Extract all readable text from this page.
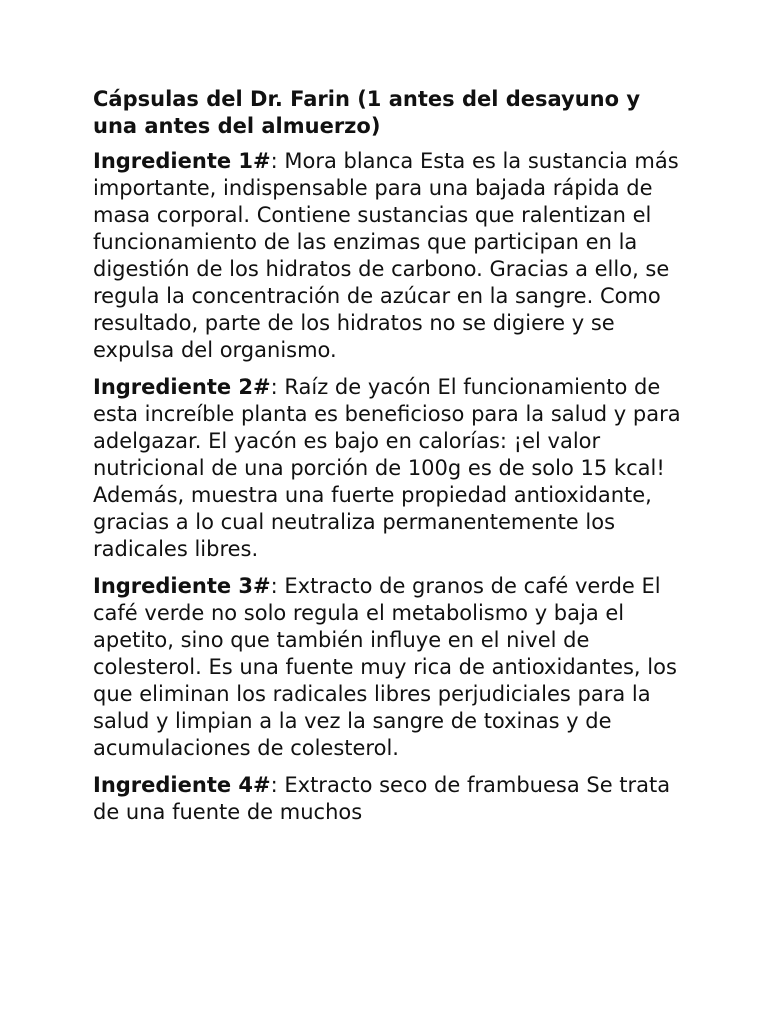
Cápsulas del Dr. Farin (1 antes del desayuno y una antes del almuerzo)

Ingrediente 1#: Mora blanca Esta es la sustancia más importante, indispensable para una bajada rápida de masa corporal. Contiene sustancias que ralentizan el funcionamiento de las enzimas que participan en la digestión de los hidratos de carbono. Gracias a ello, se regula la concentración de azúcar en la sangre. Como resultado, parte de los hidratos no se digiere y se expulsa del organismo.

Ingrediente 2#: Raíz de yacón El funcionamiento de esta increíble planta es beneficioso para la salud y para adelgazar. El yacón es bajo en calorías: ¡el valor nutricional de una porción de 100g es de solo 15 kcal! Además, muestra una fuerte propiedad antioxidante, gracias a lo cual neutraliza permanentemente los radicales libres.

Ingrediente 3#: Extracto de granos de café verde El café verde no solo regula el metabolismo y baja el apetito, sino que también influye en el nivel de colesterol. Es una fuente muy rica de antioxidantes, los que eliminan los radicales libres perjudiciales para la salud y limpian a la vez la sangre de toxinas y de acumulaciones de colesterol.

Ingrediente 4#: Extracto seco de frambuesa Se trata de una fuente de muchos
